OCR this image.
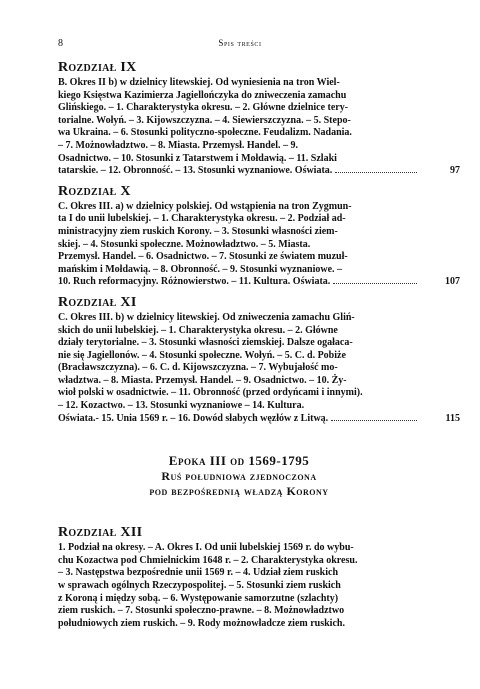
8	Spis treści
Rozdział IX
B. Okres II b) w dzielnicy litewskiej. Od wyniesienia na tron Wiel-
kiego Księstwa Kazimierza Jagiellończyka do zniweczenia zamachu
Glińskiego. – 1. Charakterystyka okresu. – 2. Główne dzielnice tery-
torialne. Wołyń. – 3. Kijowszczyzna. – 4. Siewierszczyzna. – 5. Stepo-
wa Ukraina. – 6. Stosunki polityczno-społeczne. Feudalizm. Nadania.
– 7. Możnowładztwo. – 8. Miasta. Przemysł. Handel. – 9.
Osadnictwo. – 10. Stosunki z Tatarstwem i Mołdawią. – 11. Szlaki
tatarskie. – 12. Obronność. – 13. Stosunki wyznaniowe. Oświata.	97
Rozdział X
C. Okres III. a) w dzielnicy polskiej. Od wstąpienia na tron Zygmun-
ta I do unii lubelskiej. – 1. Charakterystyka okresu. – 2. Podział ad-
ministracyjny ziem ruskich Korony. – 3. Stosunki własności ziem-
skiej. – 4. Stosunki społeczne. Możnowładztwo. – 5. Miasta.
Przemysł. Handel. – 6. Osadnictwo. – 7. Stosunki ze światem muzuł-
mańskim i Mołdawią. – 8. Obronność. – 9. Stosunki wyznaniowe. –
10. Ruch reformacyjny. Różnowierstwo. – 11. Kultura. Oświata.	107
Rozdział XI
C. Okres III. b) w dzielnicy litewskiej. Od zniweczenia zamachu Gliń-
skich do unii lubelskiej. – 1. Charakterystyka okresu. – 2. Główne
działy terytorialne. – 3. Stosunki własności ziemskiej. Dalsze ogałaca-
nie się Jagiellonów. – 4. Stosunki społeczne. Wołyń. – 5. C. d. Pobiże
(Bracławszczyzna). – 6. C. d. Kijowszczyzna. – 7. Wybujałość mo-
władztwa. – 8. Miasta. Przemysł. Handel. – 9. Osadnictwo. – 10. Ży-
wioł polski w osadnictwie. – 11. Obronność (przed ordyńcami i innymi).
– 12. Kozactwo. – 13. Stosunki wyznaniowe – 14. Kultura.
Oświata.- 15. Unia 1569 r. – 16. Dowód słabych węzłów z Litwą.	115
Epoka III od 1569-1795
Ruś południowa zjednoczona
pod bezpośrednią władzą Korony
Rozdział XII
1. Podział na okresy. – A. Okres I. Od unii lubelskiej 1569 r. do wybu-
chu Kozactwa pod Chmielnickim 1648 r. – 2. Charakterystyka okresu.
– 3. Następstwa bezpośrednie unii 1569 r. – 4. Udział ziem ruskich
w sprawach ogólnych Rzeczypospolitej. – 5. Stosunki ziem ruskich
z Koroną i między sobą. – 6. Występowanie samorzutne (szlachty)
ziem ruskich. – 7. Stosunki społeczno-prawne. – 8. Możnowładztwo
południowych ziem ruskich. – 9. Rody możnowładcze ziem ruskich.
